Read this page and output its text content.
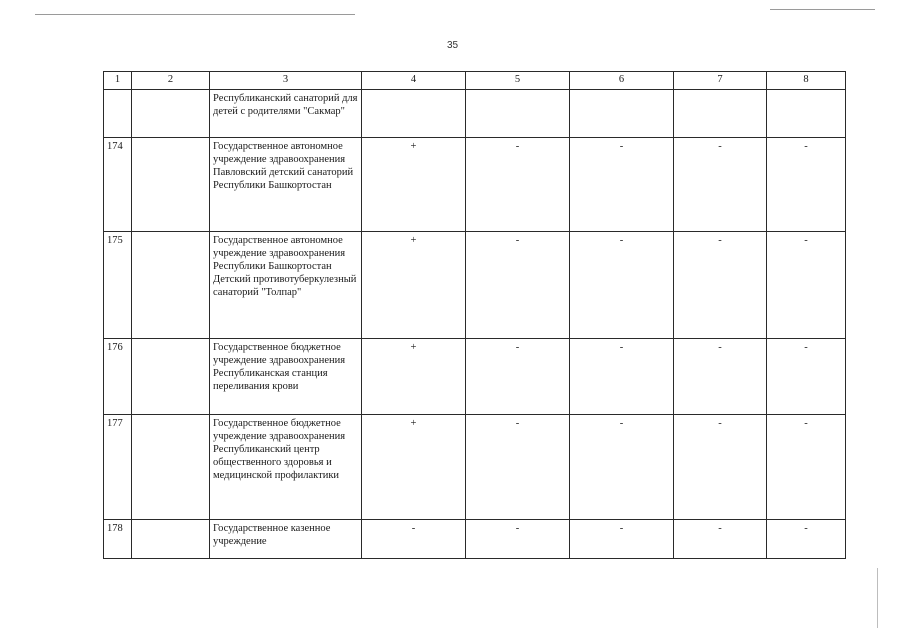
35
1	2	3	4	5	6	7	8
		Республиканский санаторий для детей с родителями "Сакмар"					
174		Государственное автономное учреждение здравоохранения Павловский детский санаторий Республики Башкортостан	+	-	-	-	-
175		Государственное автономное учреждение здравоохранения Республики Башкортостан Детский противотуберкулезный санаторий "Толпар"	+	-	-	-	-
176		Государственное бюджетное учреждение здравоохранения Республиканская станция переливания крови	+	-	-	-	-
177		Государственное бюджетное учреждение здравоохранения Республиканский центр общественного здоровья и медицинской профилактики	+	-	-	-	-
178		Государственное казенное учреждение	-	-	-	-	-
